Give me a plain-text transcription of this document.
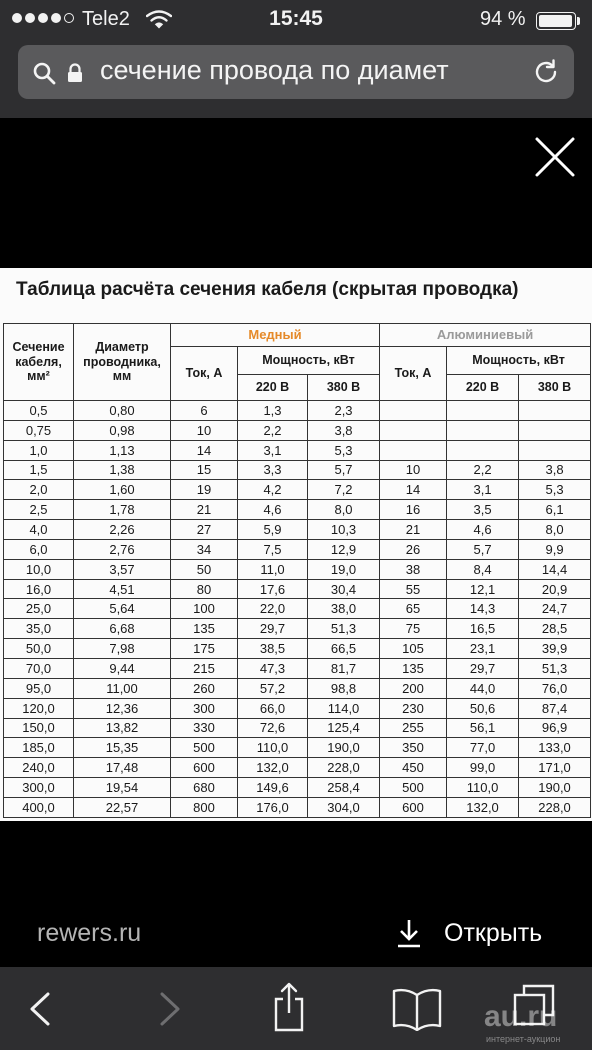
Tele2	15:45	94 %
сечение провода по диамет
Таблица расчёта сечения кабеля (скрытая проводка)
Сечение кабеля, мм²	Диаметр проводника, мм	Медный			Алюминиевый		
		Ток, А	Мощность, кВт		Ток, А	Мощность, кВт	
			220 В	380 В		220 В	380 В
0,5	0,80	6	1,3	2,3			
0,75	0,98	10	2,2	3,8			
1,0	1,13	14	3,1	5,3			
1,5	1,38	15	3,3	5,7	10	2,2	3,8
2,0	1,60	19	4,2	7,2	14	3,1	5,3
2,5	1,78	21	4,6	8,0	16	3,5	6,1
4,0	2,26	27	5,9	10,3	21	4,6	8,0
6,0	2,76	34	7,5	12,9	26	5,7	9,9
10,0	3,57	50	11,0	19,0	38	8,4	14,4
16,0	4,51	80	17,6	30,4	55	12,1	20,9
25,0	5,64	100	22,0	38,0	65	14,3	24,7
35,0	6,68	135	29,7	51,3	75	16,5	28,5
50,0	7,98	175	38,5	66,5	105	23,1	39,9
70,0	9,44	215	47,3	81,7	135	29,7	51,3
95,0	11,00	260	57,2	98,8	200	44,0	76,0
120,0	12,36	300	66,0	114,0	230	50,6	87,4
150,0	13,82	330	72,6	125,4	255	56,1	96,9
185,0	15,35	500	110,0	190,0	350	77,0	133,0
240,0	17,48	600	132,0	228,0	450	99,0	171,0
300,0	19,54	680	149,6	258,4	500	110,0	190,0
400,0	22,57	800	176,0	304,0	600	132,0	228,0
rewers.ru	Открыть
au.ru
интернет-аукцион
